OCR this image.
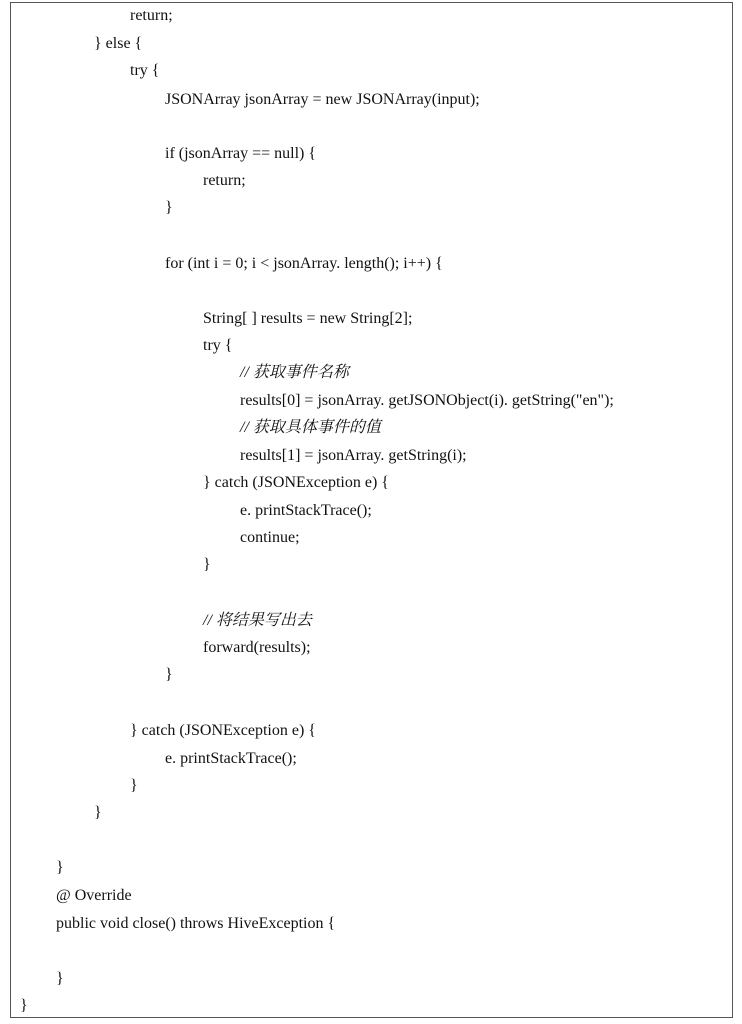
return;
} else {
try {
JSONArray jsonArray = new JSONArray(input);
if (jsonArray == null) {
return;
}
for (int i = 0; i < jsonArray. length(); i++) {
String[ ] results = new String[2];
try {
// 获取事件名称
results[0] = jsonArray. getJSONObject(i). getString("en");
// 获取具体事件的值
results[1] = jsonArray. getString(i);
} catch (JSONException e) {
e. printStackTrace();
continue;
}
// 将结果写出去
forward(results);
}
} catch (JSONException e) {
e. printStackTrace();
}
}
}
@ Override
public void close() throws HiveException {
}
}
